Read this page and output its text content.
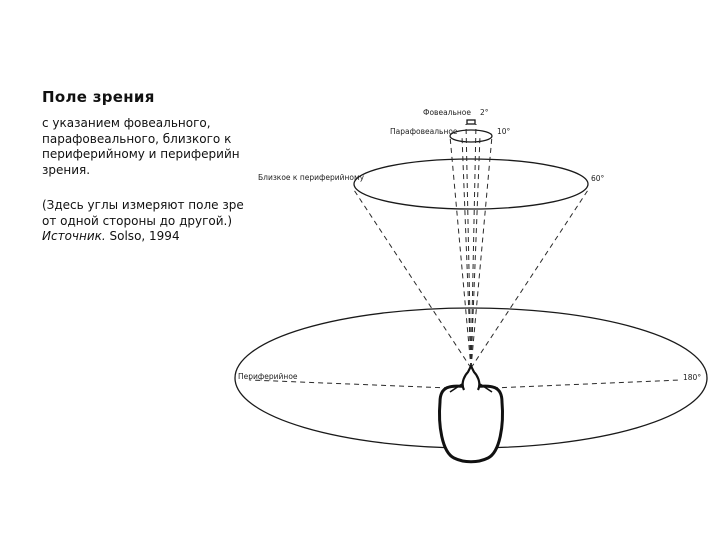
Поле зрения
с указанием фовеального,
парафовеального, близкого к
периферийному и периферийн
зрения.
(Здесь углы измеряют поле зре
от одной стороны до другой.)
Источник. Solso, 1994
Фовеальное 2°
Парафовеальное	10°
Близкое к периферийному	60°
Периферийное	180°
